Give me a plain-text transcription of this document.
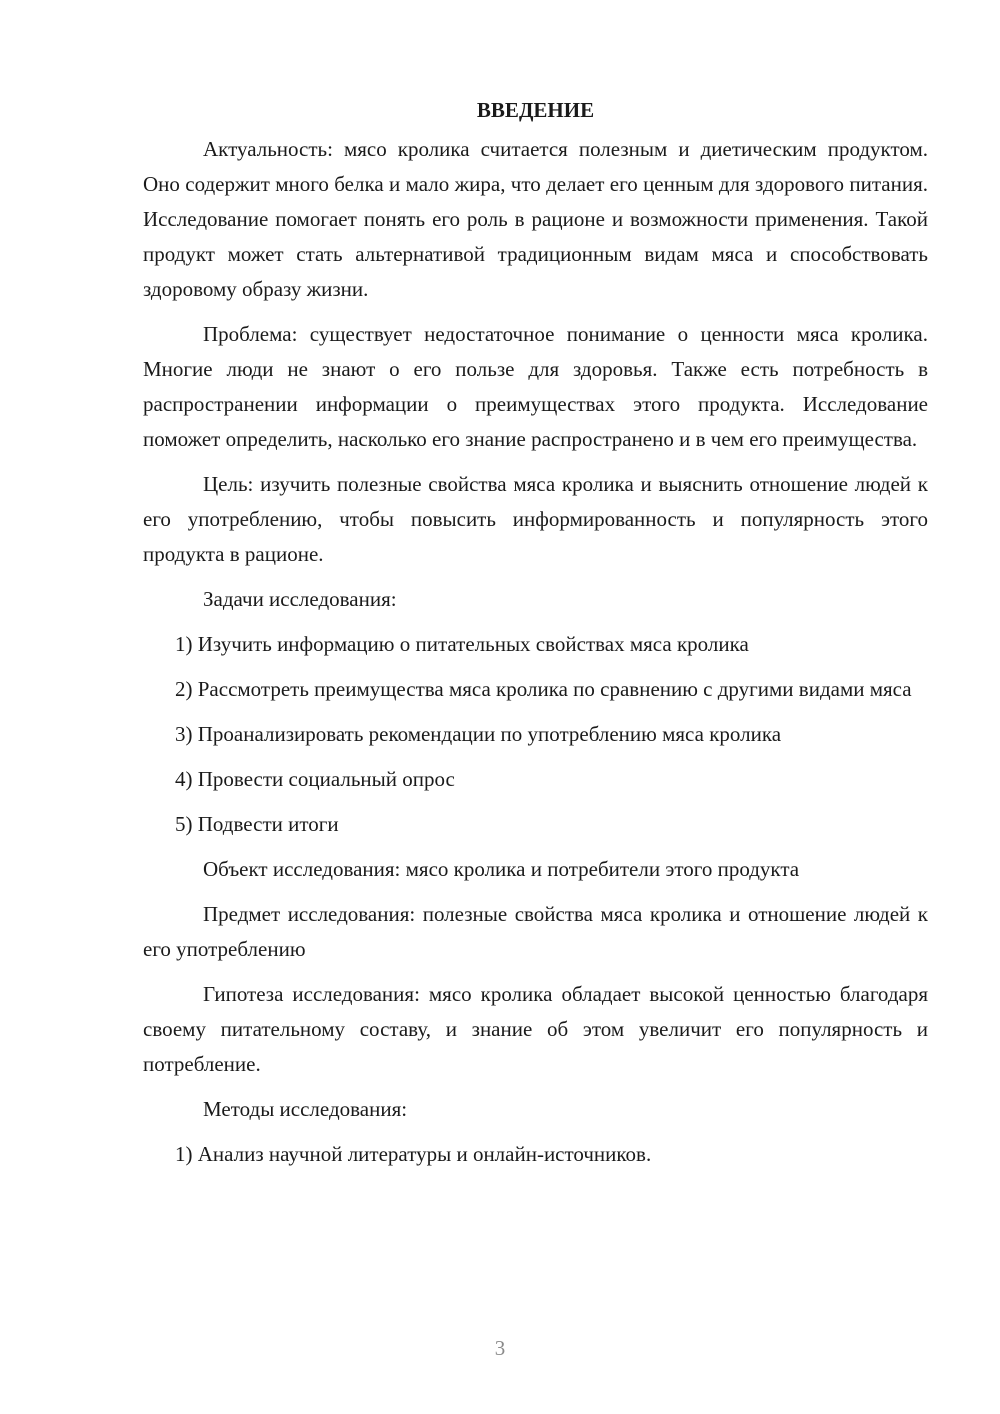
ВВЕДЕНИЕ

Актуальность: мясо кролика считается полезным и диетическим продуктом. Оно содержит много белка и мало жира, что делает его ценным для здорового питания. Исследование помогает понять его роль в рационе и возможности применения. Такой продукт может стать альтернативой традиционным видам мяса и способствовать здоровому образу жизни.

Проблема: существует недостаточное понимание о ценности мяса кролика. Многие люди не знают о его пользе для здоровья. Также есть потребность в распространении информации о преимуществах этого продукта. Исследование поможет определить, насколько его знание распространено и в чем его преимущества.

Цель: изучить полезные свойства мяса кролика и выяснить отношение людей к его употреблению, чтобы повысить информированность и популярность этого продукта в рационе.

Задачи исследования:

1) Изучить информацию о питательных свойствах мяса кролика

2) Рассмотреть преимущества мяса кролика по сравнению с другими видами мяса

3) Проанализировать рекомендации по употреблению мяса кролика

4) Провести социальный опрос

5) Подвести итоги

Объект исследования: мясо кролика и потребители этого продукта

Предмет исследования: полезные свойства мяса кролика и отношение людей к его употреблению

Гипотеза исследования: мясо кролика обладает высокой ценностью благодаря своему питательному составу, и знание об этом увеличит его популярность и потребление.

Методы исследования:

1) Анализ научной литературы и онлайн-источников.

3
